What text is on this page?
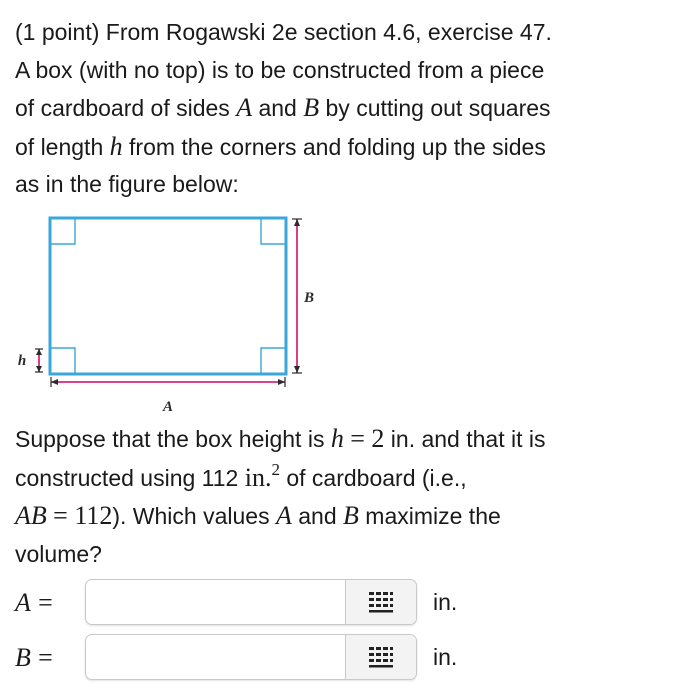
(1 point) From Rogawski 2e section 4.6, exercise 47.
A box (with no top) is to be constructed from a piece
of cardboard of sides A and B by cutting out squares
of length h from the corners and folding up the sides
as in the figure below:
A
B
h
Suppose that the box height is h = 2 in. and that it is
constructed using 112 in.$^2$ of cardboard (i.e.,
AB = 112). Which values A and B maximize the
volume?
A =	in.
B =	in.
